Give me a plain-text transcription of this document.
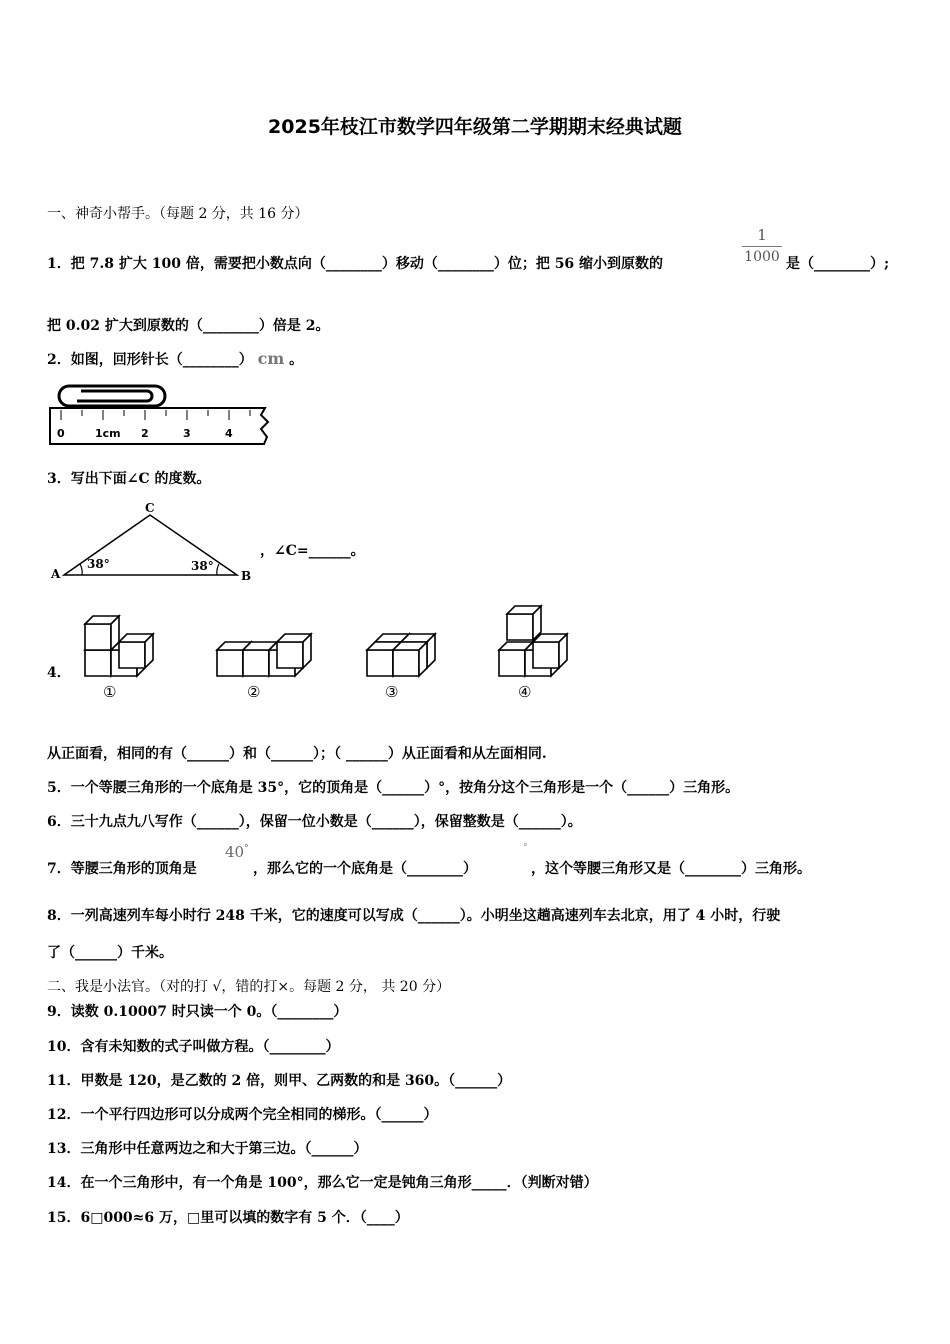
2025年枝江市数学四年级第二学期期末经典试题
一、神奇小帮手。（每题 2 分，共 16 分）
1．把 7.8 扩大 100 倍，需要把小数点向（________）移动（________）位；把 56 缩小到原数的
1
1000 是（________）;
把 0.02 扩大到原数的（________）倍是 2。
2．如图，回形针长（________） cm 。
0	1cm 2	3	4
3．写出下面∠C 的度数。
C
A	B
38°	38°
，∠C=______。
4．
①	②	③	④
从正面看，相同的有（______）和（______）；（ ______）从正面看和从左面相同.
5．一个等腰三角形的一个底角是 35°，它的顶角是（______）°，按角分这个三角形是一个（______）三角形。
6．三十九点九八写作（______），保留一位小数是（______），保留整数是（______）。
7．等腰三角形的顶角是
40°
，那么它的一个底角是（________）
°
，这个等腰三角形又是（________）三角形。
8．一列高速列车每小时行 248 千米，它的速度可以写成（______）。小明坐这趟高速列车去北京，用了 4 小时，行驶
了（______）千米。
二、我是小法官。（对的打 √，错的打×。每题 2 分， 共 20 分）
9．读数 0.10007 时只读一个 0。（________）
10．含有未知数的式子叫做方程。（________）
11．甲数是 120，是乙数的 2 倍，则甲、乙两数的和是 360。（______）
12．一个平行四边形可以分成两个完全相同的梯形。（______）
13．三角形中任意两边之和大于第三边。（______）
14．在一个三角形中，有一个角是 100°，那么它一定是钝角三角形_____．（判断对错）
15．6□000≈6 万，□里可以填的数字有 5 个．（____）
